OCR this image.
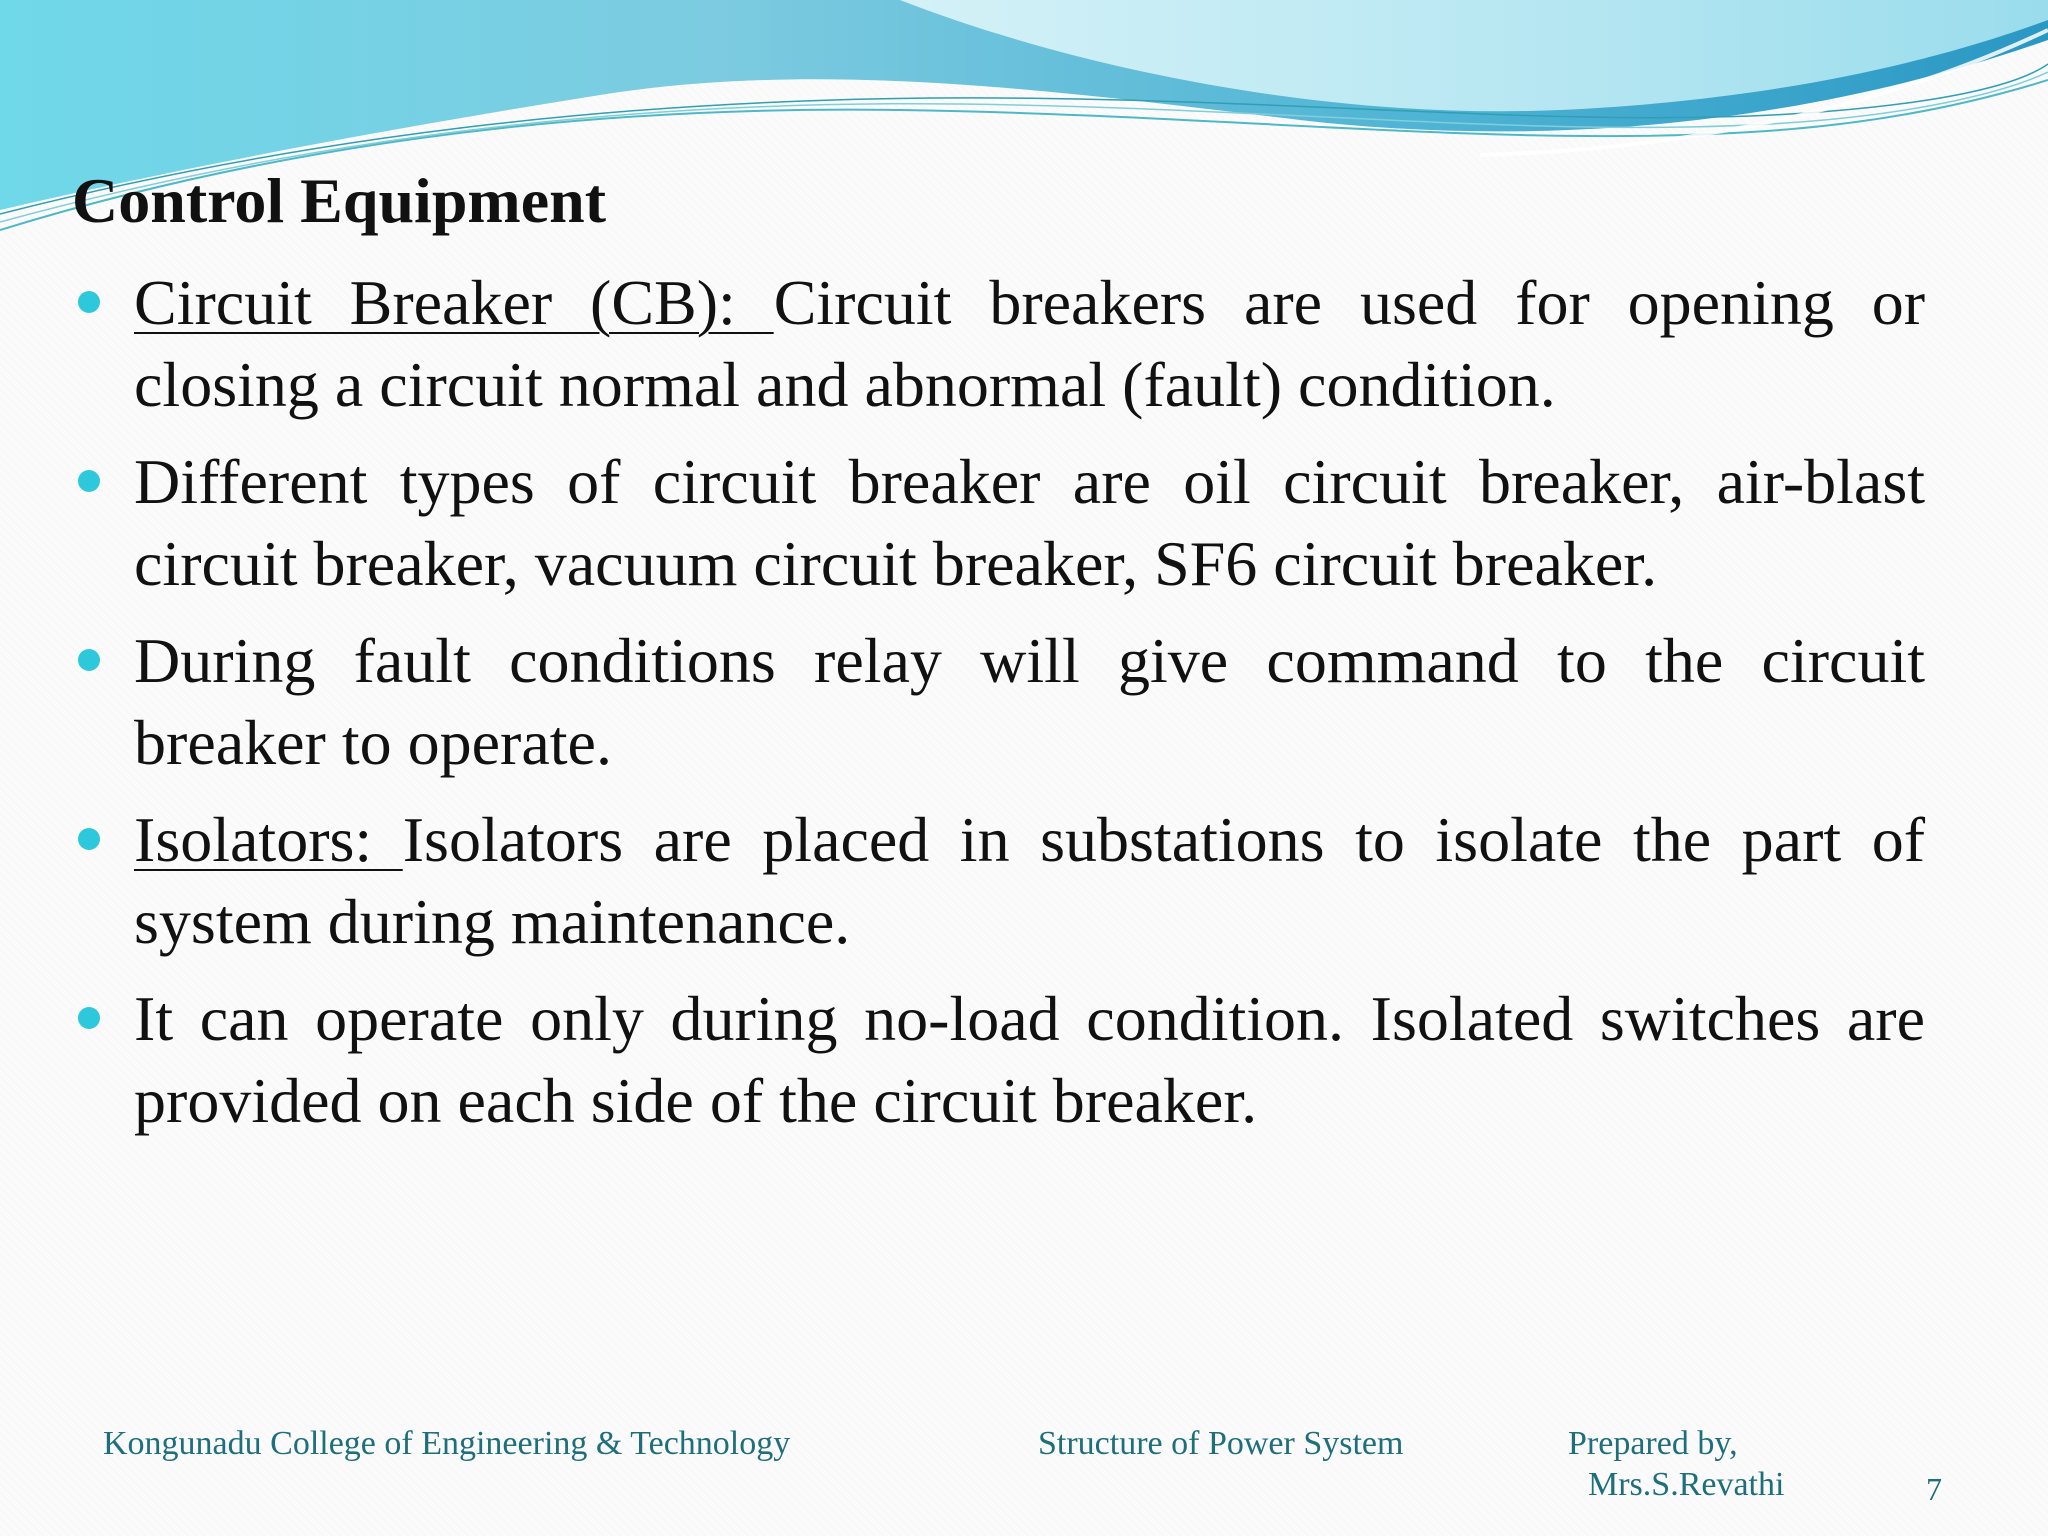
Control Equipment
Circuit Breaker (CB): Circuit breakers are used for opening or closing a circuit normal and abnormal (fault) condition.
Different types of circuit breaker are oil circuit breaker, air-blast circuit breaker, vacuum circuit breaker, SF6 circuit breaker.
During fault conditions relay will give command to the circuit breaker to operate.
Isolators: Isolators are placed in substations to isolate the part of system during maintenance.
It can operate only during no-load condition. Isolated switches are provided on each side of the circuit breaker.
Kongunadu College of Engineering & Technology	Structure of Power System	Prepared by,
Mrs.S.Revathi	7
